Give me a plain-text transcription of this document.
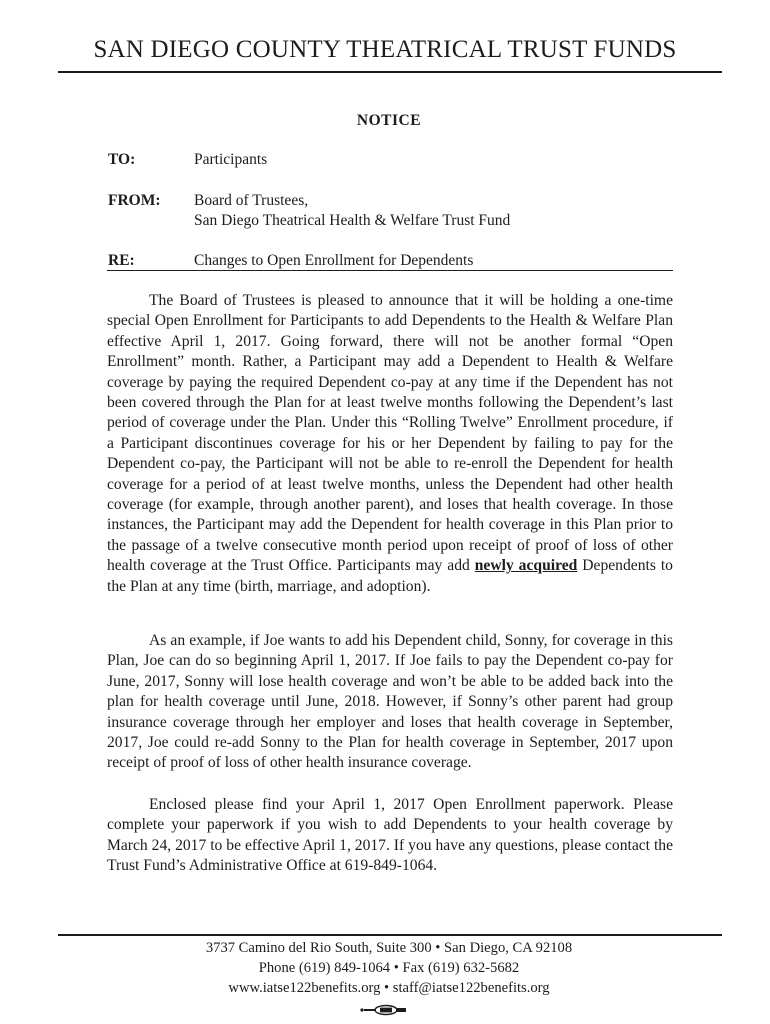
SAN DIEGO COUNTY THEATRICAL TRUST FUNDS
NOTICE
TO:	Participants
FROM: Board of Trustees,
San Diego Theatrical Health & Welfare Trust Fund
RE:	Changes to Open Enrollment for Dependents

The Board of Trustees is pleased to announce that it will be holding a one-time special Open Enrollment for Participants to add Dependents to the Health & Welfare Plan effective April 1, 2017. Going forward, there will not be another formal “Open Enrollment” month. Rather, a Participant may add a Dependent to Health & Welfare coverage by paying the required Dependent co-pay at any time if the Dependent has not been covered through the Plan for at least twelve months following the Dependent’s last period of coverage under the Plan. Under this “Rolling Twelve” Enrollment procedure, if a Participant discontinues coverage for his or her Dependent by failing to pay for the Dependent co-pay, the Participant will not be able to re-enroll the Dependent for health coverage for a period of at least twelve months, unless the Dependent had other health coverage (for example, through another parent), and loses that health coverage. In those instances, the Participant may add the Dependent for health coverage in this Plan prior to the passage of a twelve consecutive month period upon receipt of proof of loss of other health coverage at the Trust Office. Participants may add newly acquired Dependents to the Plan at any time (birth, marriage, and adoption).

As an example, if Joe wants to add his Dependent child, Sonny, for coverage in this Plan, Joe can do so beginning April 1, 2017. If Joe fails to pay the Dependent co-pay for June, 2017, Sonny will lose health coverage and won’t be able to be added back into the plan for health coverage until June, 2018. However, if Sonny’s other parent had group insurance coverage through her employer and loses that health coverage in September, 2017, Joe could re-add Sonny to the Plan for health coverage in September, 2017 upon receipt of proof of loss of other health insurance coverage.

Enclosed please find your April 1, 2017 Open Enrollment paperwork. Please complete your paperwork if you wish to add Dependents to your health coverage by March 24, 2017 to be effective April 1, 2017. If you have any questions, please contact the Trust Fund’s Administrative Office at 619-849-1064.

3737 Camino del Rio South, Suite 300 • San Diego, CA 92108
Phone (619) 849-1064 • Fax (619) 632-5682
www.iatse122benefits.org • staff@iatse122benefits.org
